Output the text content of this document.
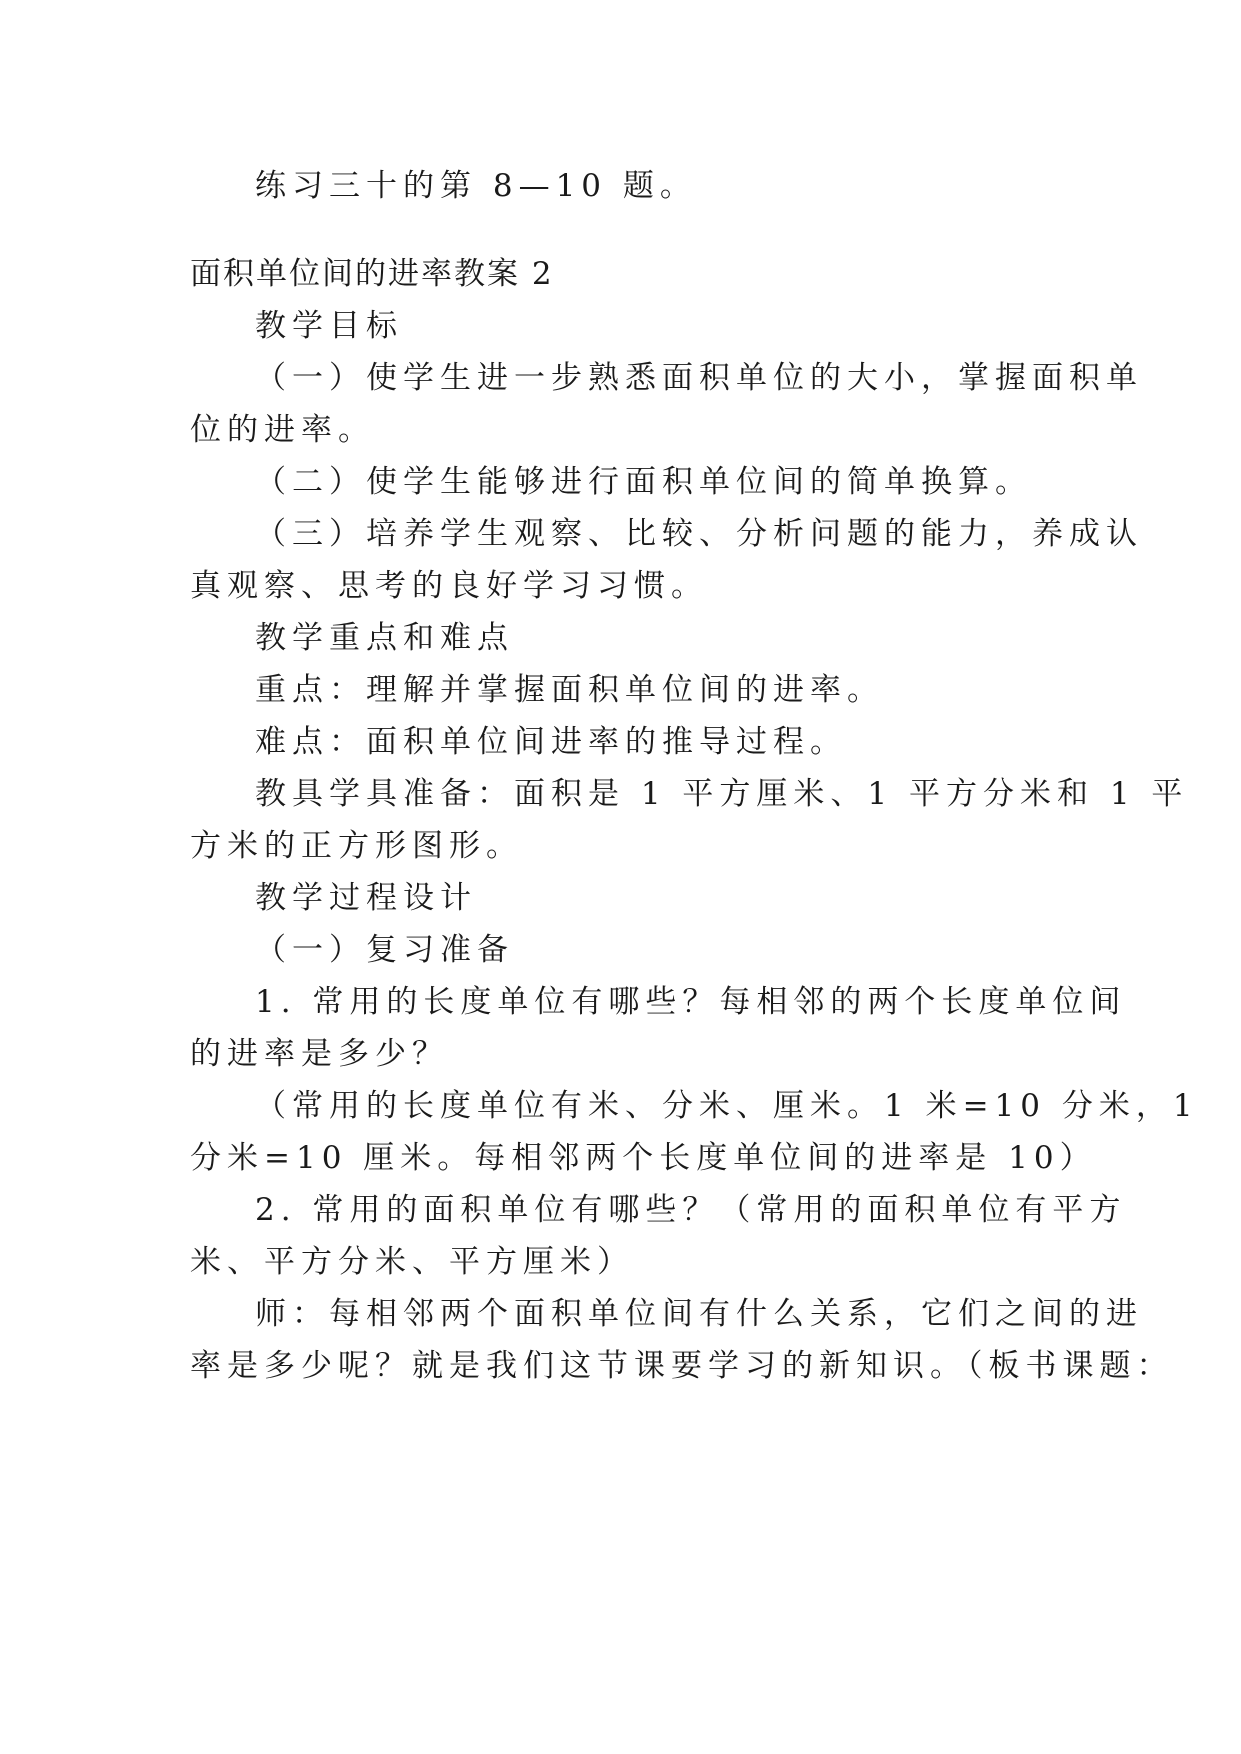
练习三十的第 8—10 题。
面积单位间的进率教案 2
教学目标
（一）使学生进一步熟悉面积单位的大小，掌握面积单
位的进率。
（二）使学生能够进行面积单位间的简单换算。
（三）培养学生观察、比较、分析问题的能力，养成认
真观察、思考的良好学习习惯。
教学重点和难点
重点：理解并掌握面积单位间的进率。
难点：面积单位间进率的推导过程。
教具学具准备：面积是 1 平方厘米、1 平方分米和 1 平
方米的正方形图形。
教学过程设计
（一）复习准备
1. 常用的长度单位有哪些？每相邻的两个长度单位间
的进率是多少？
（常用的长度单位有米、分米、厘米。1 米=10 分米，1
分米=10 厘米。每相邻两个长度单位间的进率是 10）
2. 常用的面积单位有哪些？（常用的面积单位有平方
米、平方分米、平方厘米）
师：每相邻两个面积单位间有什么关系，它们之间的进
率是多少呢？就是我们这节课要学习的新知识。（板书课题：
